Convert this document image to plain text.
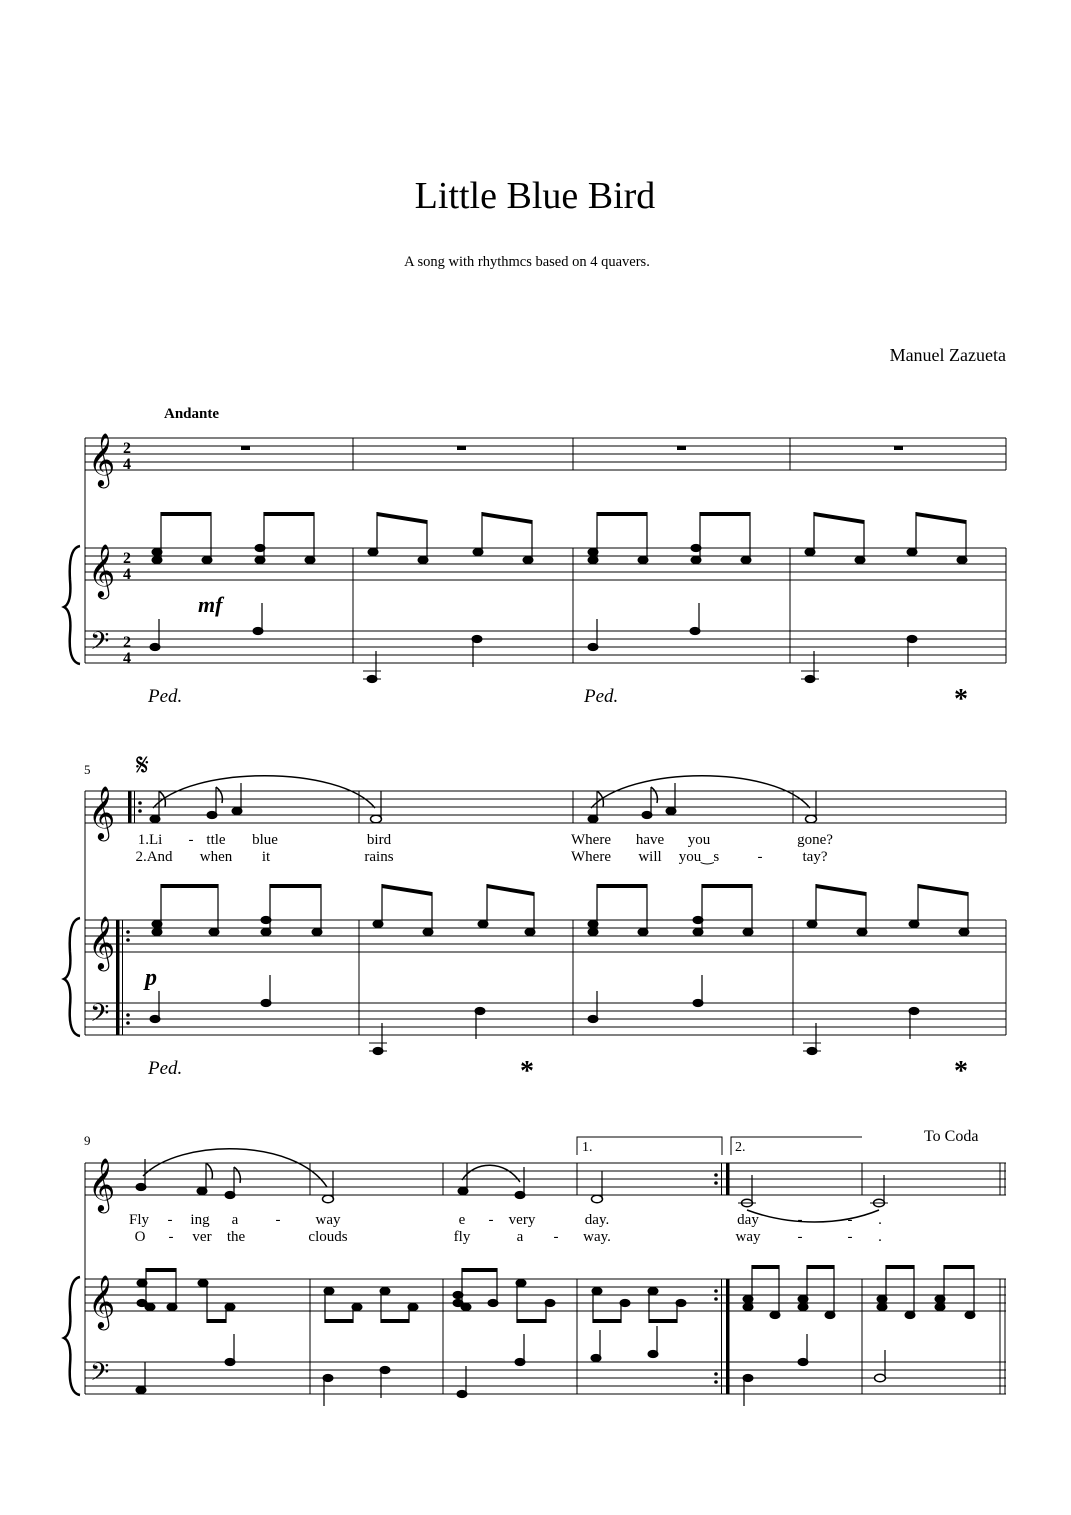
Little Blue Bird
A song with rhythmcs based on 4 quavers.
Manuel Zazueta
Andante
𝄞 2
4
𝄞 2
4
𝄢 2
4
mf
Ped.	Ped.	*
5 𝄋
𝄞
1.Li - ttle blue	bird	Where have you	gone?
2.And when it	rains	Where will you‿s	-	tay?
𝄞
𝄢
p
Ped.	*	*
9	To Coda
1.	2.
𝄞
Fly - ing a - way	e - very	day.	day	-	- .
O - ver the	clouds	fly	a - way.	way -	- .
𝄞
𝄢
